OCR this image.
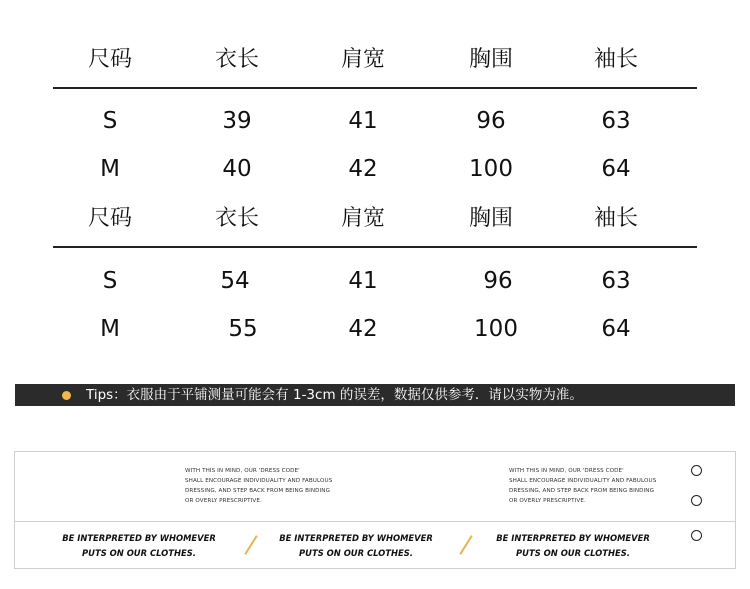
尺码	衣长	肩宽	胸围	袖长
S	39	41	96	63
M	40	42	100	64
尺码	衣长	肩宽	胸围	袖长
S	54	41	96	63
M	55	42	100	64
Tips：衣服由于平铺测量可能会有 1-3cm 的误差，数据仅供参考．请以实物为准。
WITH THIS IN MIND, OUR 'DRESS CODE'
SHALL ENCOURAGE INDIVIDUALITY AND FABULOUS
DRESSING, AND STEP BACK FROM BEING BINDING
OR OVERLY PRESCRIPTIVE.
WITH THIS IN MIND, OUR 'DRESS CODE'
SHALL ENCOURAGE INDIVIDUALITY AND FABULOUS
DRESSING, AND STEP BACK FROM BEING BINDING
OR OVERLY PRESCRIPTIVE.
BE INTERPRETED BY WHOMEVER
PUTS ON OUR CLOTHES.
BE INTERPRETED BY WHOMEVER
PUTS ON OUR CLOTHES.
BE INTERPRETED BY WHOMEVER
PUTS ON OUR CLOTHES.
